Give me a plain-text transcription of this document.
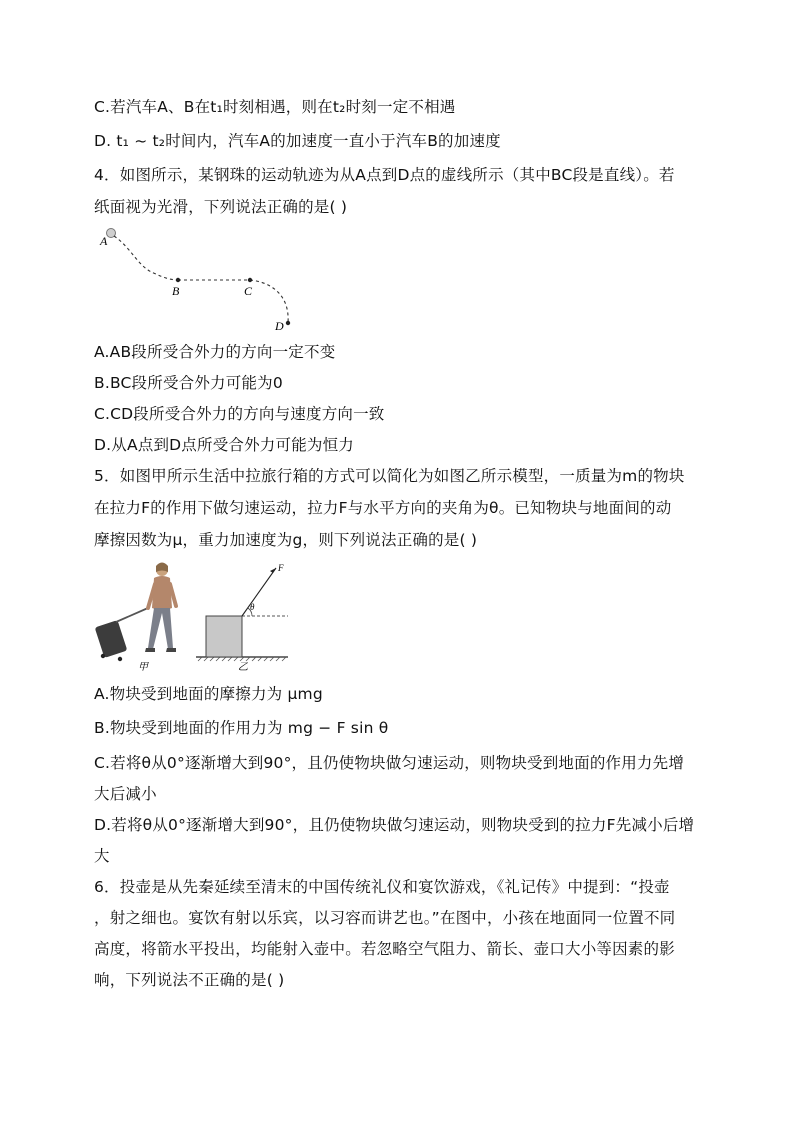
C.若汽车A、B在t₁时刻相遇，则在t₂时刻一定不相遇
D. t₁ ~ t₂时间内，汽车A的加速度一直小于汽车B的加速度
4．如图所示，某钢珠的运动轨迹为从A点到D点的虚线所示（其中BC段是直线）。若
纸面视为光滑，下列说法正确的是( )
A
B	C
D
A.AB段所受合外力的方向一定不变
B.BC段所受合外力可能为0
C.CD段所受合外力的方向与速度方向一致
D.从A点到D点所受合外力可能为恒力
5．如图甲所示生活中拉旅行箱的方式可以简化为如图乙所示模型，一质量为m的物块
在拉力F的作用下做匀速运动，拉力F与水平方向的夹角为θ。已知物块与地面间的动
摩擦因数为μ，重力加速度为g，则下列说法正确的是( )
甲
F
θ
乙
A.物块受到地面的摩擦力为 μmg
B.物块受到地面的作用力为 mg − F sin θ
C.若将θ从0°逐渐增大到90°，且仍使物块做匀速运动，则物块受到地面的作用力先增
大后减小
D.若将θ从0°逐渐增大到90°，且仍使物块做匀速运动，则物块受到的拉力F先减小后增
大
6．投壶是从先秦延续至清末的中国传统礼仪和宴饮游戏，《礼记传》中提到：“投壶
，射之细也。宴饮有射以乐宾，以习容而讲艺也。”在图中，小孩在地面同一位置不同
高度，将箭水平投出，均能射入壶中。若忽略空气阻力、箭长、壶口大小等因素的影
响，下列说法不正确的是( )
